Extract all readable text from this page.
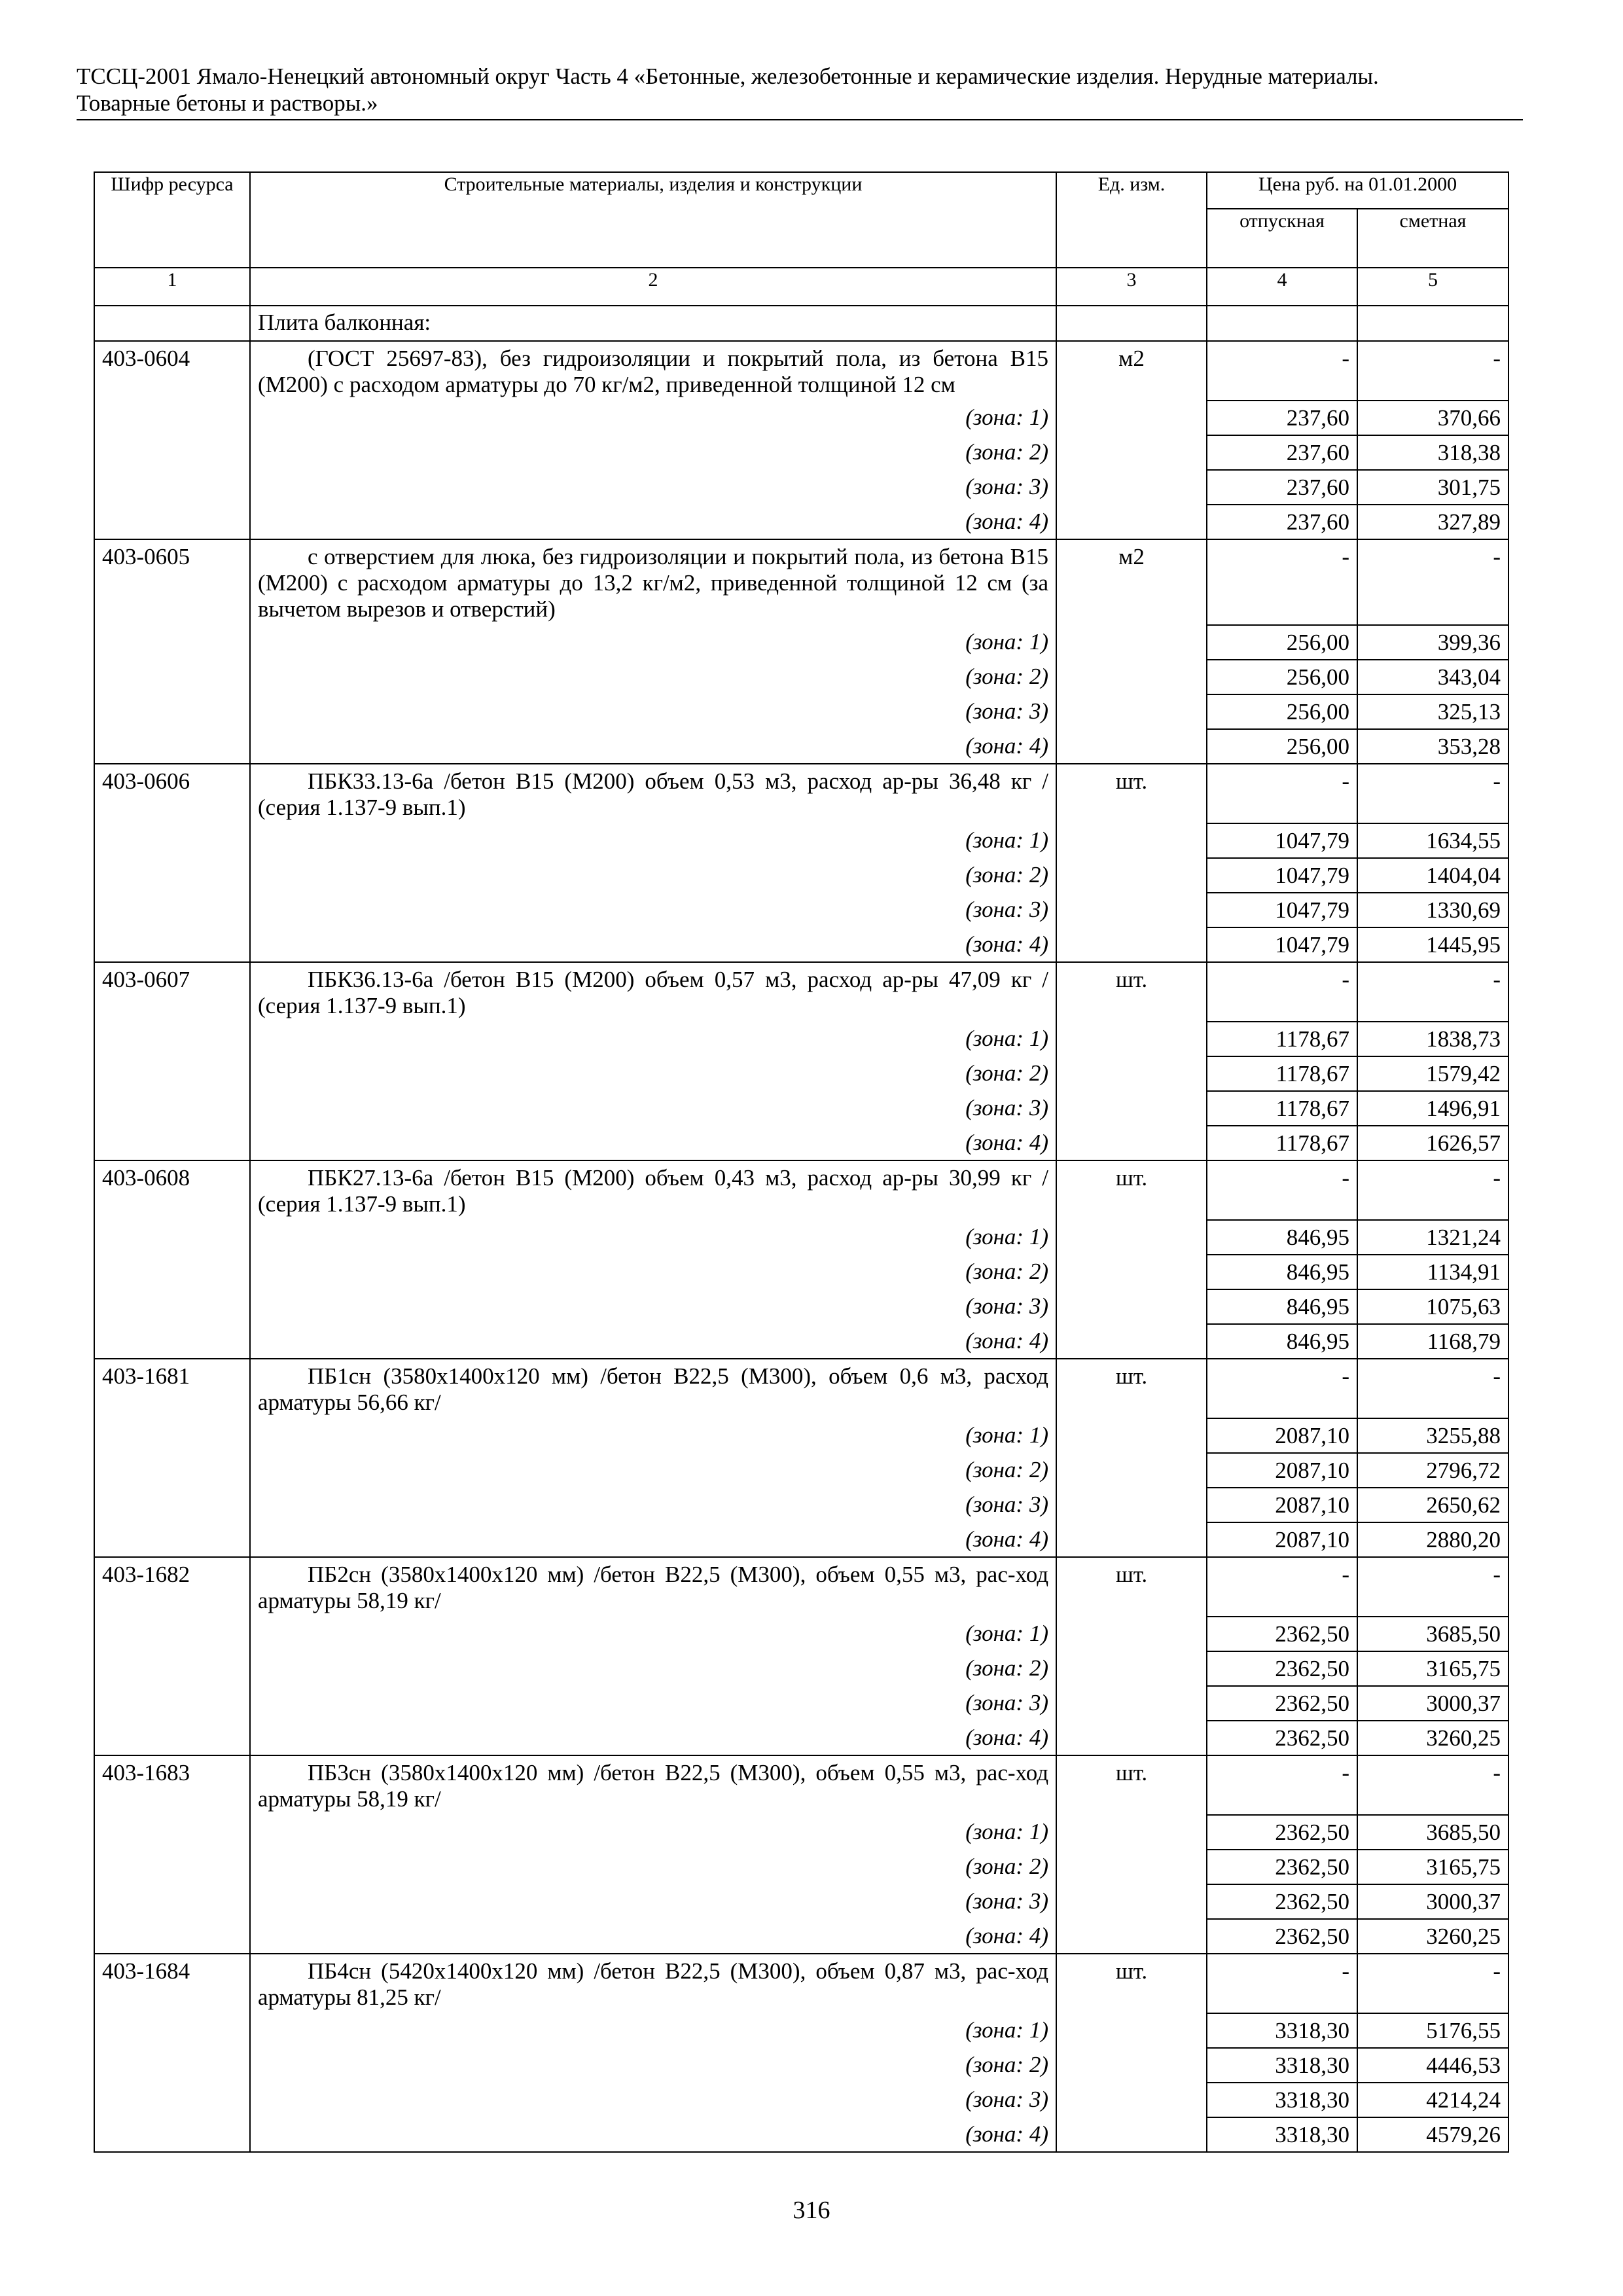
ТССЦ-2001 Ямало-Ненецкий автономный округ Часть 4 «Бетонные, железобетонные и керамические изделия. Нерудные материалы.
Товарные бетоны и растворы.»
Шифр ресурса	Строительные материалы, изделия и конструкции	Ед. изм.	Цена руб. на 01.01.2000	
			отпускная	сметная
1	2	3	4	5
	Плита балконная:			
403-0604	(ГОСТ 25697-83), без гидроизоляции и покрытий пола, из бетона В15 (М200) с расходом арматуры до 70 кг/м2, приведенной толщиной 12 см	м2	-	-
	(зона: 1)		237,60	370,66
	(зона: 2)		237,60	318,38
	(зона: 3)		237,60	301,75
	(зона: 4)		237,60	327,89
403-0605	с отверстием для люка, без гидроизоляции и покрытий пола, из бетона В15 (М200) с расходом арматуры до 13,2 кг/м2, приведенной толщиной 12 см (за вычетом вырезов и отверстий)	м2	-	-
	(зона: 1)		256,00	399,36
	(зона: 2)		256,00	343,04
	(зона: 3)		256,00	325,13
	(зона: 4)		256,00	353,28
403-0606	ПБК33.13-6а /бетон В15 (М200) объем 0,53 м3, расход ар-ры 36,48 кг / (серия 1.137-9 вып.1)	шт.	-	-
	(зона: 1)		1047,79	1634,55
	(зона: 2)		1047,79	1404,04
	(зона: 3)		1047,79	1330,69
	(зона: 4)		1047,79	1445,95
403-0607	ПБК36.13-6а /бетон В15 (М200) объем 0,57 м3, расход ар-ры 47,09 кг / (серия 1.137-9 вып.1)	шт.	-	-
	(зона: 1)		1178,67	1838,73
	(зона: 2)		1178,67	1579,42
	(зона: 3)		1178,67	1496,91
	(зона: 4)		1178,67	1626,57
403-0608	ПБК27.13-6а /бетон В15 (М200) объем 0,43 м3, расход ар-ры 30,99 кг / (серия 1.137-9 вып.1)	шт.	-	-
	(зона: 1)		846,95	1321,24
	(зона: 2)		846,95	1134,91
	(зона: 3)		846,95	1075,63
	(зона: 4)		846,95	1168,79
403-1681	ПБ1сн (3580х1400х120 мм) /бетон В22,5 (М300), объем 0,6 м3, расход арматуры 56,66 кг/	шт.	-	-
	(зона: 1)		2087,10	3255,88
	(зона: 2)		2087,10	2796,72
	(зона: 3)		2087,10	2650,62
	(зона: 4)		2087,10	2880,20
403-1682	ПБ2сн (3580х1400х120 мм) /бетон В22,5 (М300), объем 0,55 м3, рас-ход арматуры 58,19 кг/	шт.	-	-
	(зона: 1)		2362,50	3685,50
	(зона: 2)		2362,50	3165,75
	(зона: 3)		2362,50	3000,37
	(зона: 4)		2362,50	3260,25
403-1683	ПБ3сн (3580х1400х120 мм) /бетон В22,5 (М300), объем 0,55 м3, рас-ход арматуры 58,19 кг/	шт.	-	-
	(зона: 1)		2362,50	3685,50
	(зона: 2)		2362,50	3165,75
	(зона: 3)		2362,50	3000,37
	(зона: 4)		2362,50	3260,25
403-1684	ПБ4сн (5420х1400х120 мм) /бетон В22,5 (М300), объем 0,87 м3, рас-ход арматуры 81,25 кг/	шт.	-	-
	(зона: 1)		3318,30	5176,55
	(зона: 2)		3318,30	4446,53
	(зона: 3)		3318,30	4214,24
	(зона: 4)		3318,30	4579,26
316
